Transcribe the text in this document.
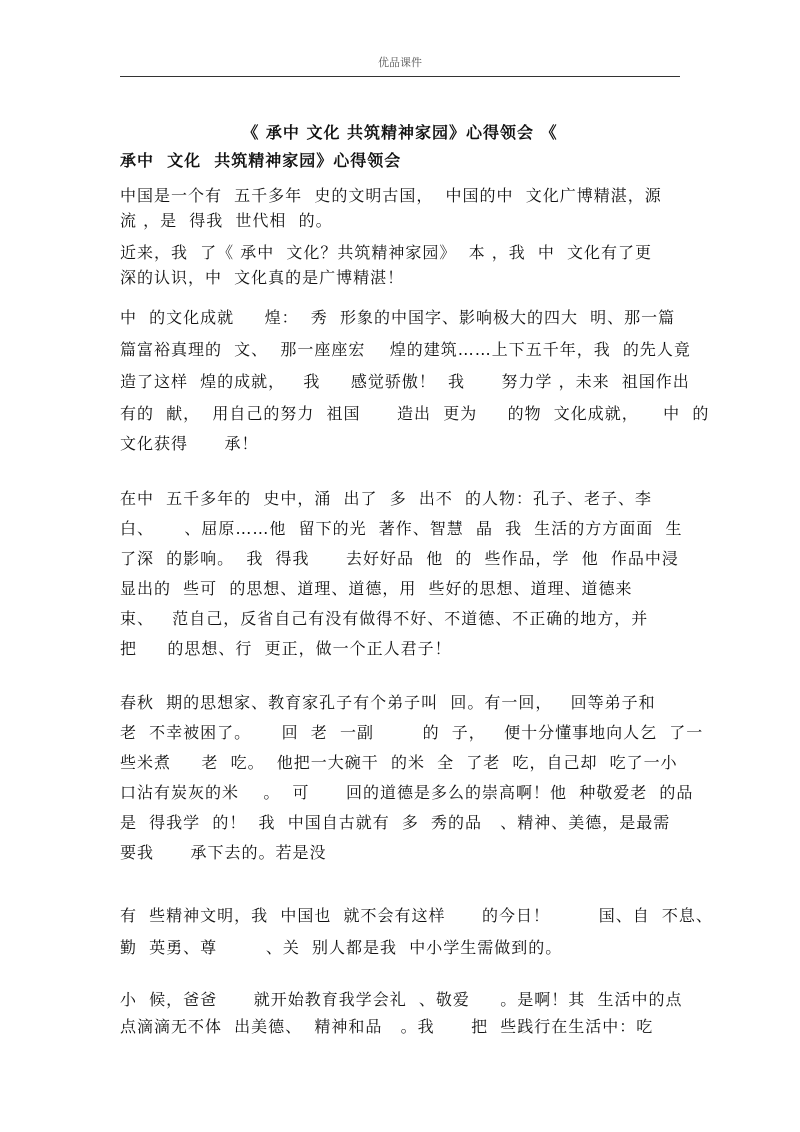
优品课件
《 承中 文化 共筑精神家园》心得领会 《
承中  文化  共筑精神家园》心得领会
中国是一个有  五千多年  史的文明古国，  中国的中  文化广博精湛，源
流 ，是  得我  世代相  的。
近来，我  了《 承中  文化？共筑精神家园》  本 ，我  中  文化有了更
深的认识，中  文化真的是广博精湛！
中  的文化成就     煌：  秀  形象的中国字、影响极大的四大  明、那一篇
篇富裕真理的  文、  那一座座宏    煌的建筑……上下五千年，我  的先人竟
造了这样  煌的成就，   我     感觉骄傲！  我      努力学 ，未来  祖国作出
有的  献，  用自己的努力  祖国      造出  更为     的物  文化成就，    中  的
文化获得      承！
在中  五千多年的  史中，涌  出了  多  出不  的人物：孔子、老子、李
白、     、屈原……他  留下的光  著作、智慧  晶  我  生活的方方面面  生
了深  的影响。  我  得我      去好好品  他  的  些作品，学  他  作品中浸
显出的  些可  的思想、道理、道德，用  些好的思想、道理、道德来
束、   范自己，反省自己有没有做得不好、不道德、不正确的地方，并
把     的思想、行  更正，做一个正人君子！
春秋  期的思想家、教育家孔子有个弟子叫  回。有一回，   回等弟子和
老  不幸被困了。     回  老  一副        的  子，   便十分懂事地向人乞  了一
些米煮     老  吃。  他把一大碗干  的米  全  了老  吃，自己却  吃了一小
口沾有炭灰的米    。  可      回的道德是多么的崇高啊！他  种敬爱老  的品
是  得我学  的！  我  中国自古就有  多  秀的品   、精神、美德，是最需
要我      承下去的。若是没
有  些精神文明，我  中国也  就不会有这样      的今日！        国、自  不息、
勤  英勇、尊        、关  别人都是我  中小学生需做到的。
小  候，爸爸      就开始教育我学会礼  、敬爱     。是啊！其  生活中的点
点滴滴无不体  出美德、  精神和品   。我      把  些践行在生活中：吃
